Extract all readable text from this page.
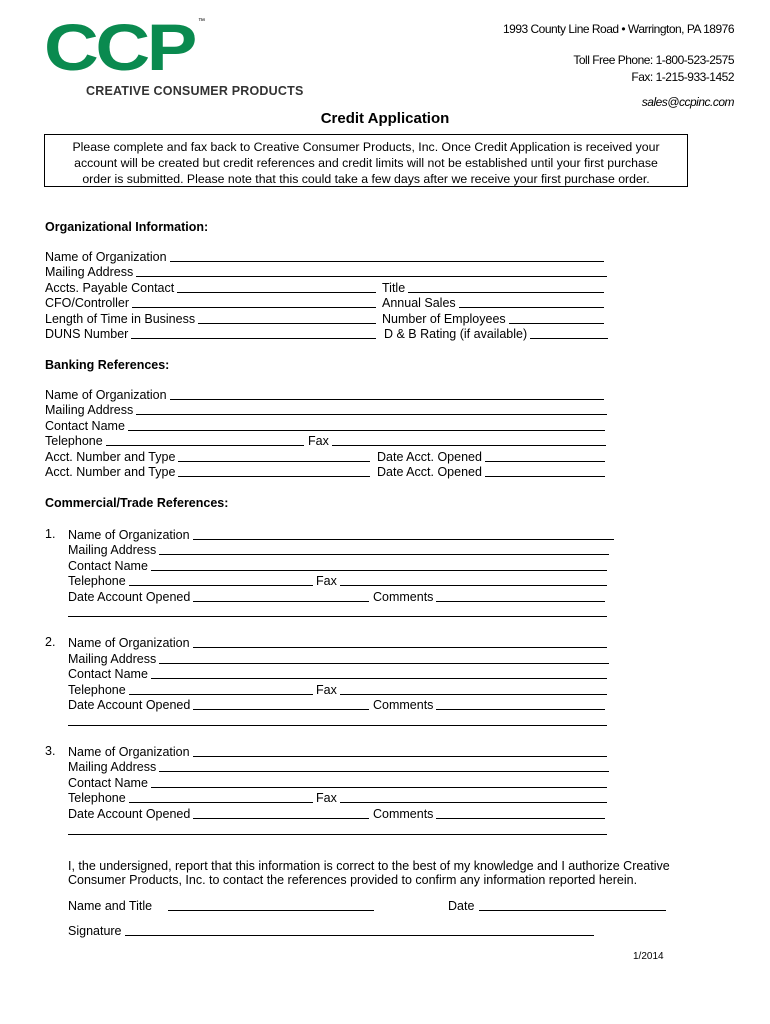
CCP ™
CREATIVE CONSUMER PRODUCTS
1993 County Line Road • Warrington, PA 18976
Toll Free Phone: 1-800-523-2575
Fax: 1-215-933-1452
sales@ccpinc.com
Credit Application
Please complete and fax back to Creative Consumer Products, Inc. Once Credit Application is received your
account will be created but credit references and credit limits will not be established until your first purchase
order is submitted. Please note that this could take a few days after we receive your first purchase order.
Organizational Information:
Name of Organization
Mailing Address
Accts. Payable Contact	Title
CFO/Controller	Annual Sales
Length of Time in Business	Number of Employees
DUNS Number	D & B Rating (if available)
Banking References:
Name of Organization
Mailing Address
Contact Name
Telephone	Fax
Acct. Number and Type	Date Acct. Opened
Acct. Number and Type	Date Acct. Opened
Commercial/Trade References:
1. Name of Organization
Mailing Address
Contact Name
Telephone	Fax
Date Account Opened	Comments
2. Name of Organization
Mailing Address
Contact Name
Telephone	Fax
Date Account Opened	Comments
3. Name of Organization
Mailing Address
Contact Name
Telephone	Fax
Date Account Opened	Comments
I, the undersigned, report that this information is correct to the best of my knowledge and I authorize Creative
Consumer Products, Inc. to contact the references provided to confirm any information reported herein.
Name and Title	Date
Signature
1/2014
